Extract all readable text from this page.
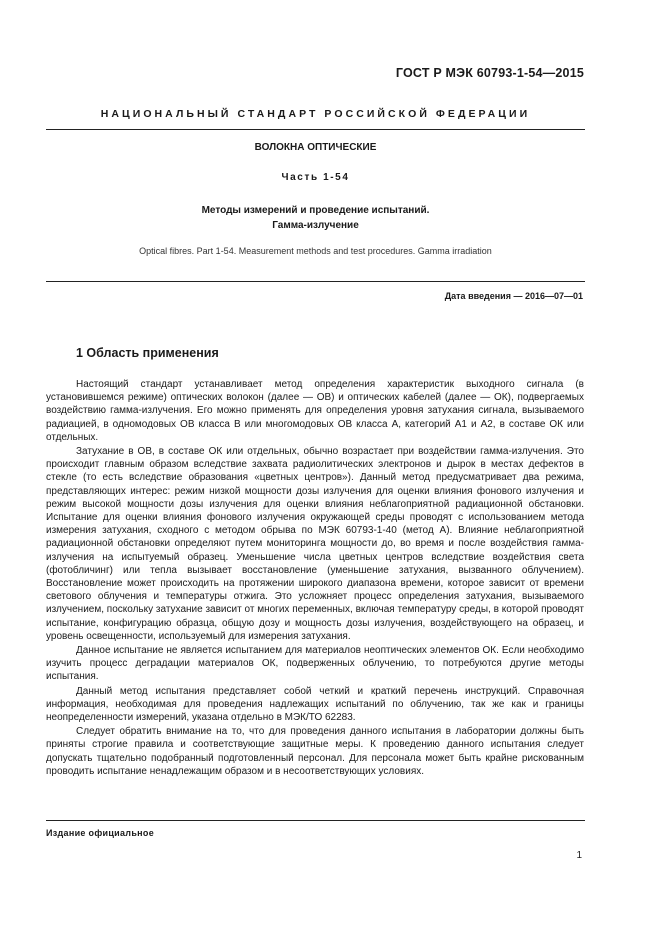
ГОСТ Р МЭК 60793-1-54—2015
НАЦИОНАЛЬНЫЙ СТАНДАРТ РОССИЙСКОЙ ФЕДЕРАЦИИ
ВОЛОКНА ОПТИЧЕСКИЕ
Часть 1-54
Методы измерений и проведение испытаний.
Гамма-излучение
Optical fibres. Part 1-54. Measurement methods and test procedures. Gamma irradiation
Дата введения — 2016—07—01
1 Область применения

Настоящий стандарт устанавливает метод определения характеристик выходного сигнала (в установившемся режиме) оптических волокон (далее — ОВ) и оптических кабелей (далее — ОК), подвергаемых воздействию гамма-излучения. Его можно применять для определения уровня затухания сигнала, вызываемого радиацией, в одномодовых ОВ класса В или многомодовых ОВ класса А, категорий А1 и А2, в составе ОК или отдельных.

Затухание в ОВ, в составе ОК или отдельных, обычно возрастает при воздействии гамма-излучения. Это происходит главным образом вследствие захвата радиолитических электронов и дырок в местах дефектов в стекле (то есть вследствие образования «цветных центров»). Данный метод предусматривает два режима, представляющих интерес: режим низкой мощности дозы излучения для оценки влияния фонового излучения и режим высокой мощности дозы излучения для оценки влияния неблагоприятной радиационной обстановки. Испытание для оценки влияния фонового излучения окружающей среды проводят с использованием метода измерения затухания, сходного с методом обрыва по МЭК 60793-1-40 (метод А). Влияние неблагоприятной радиационной обстановки определяют путем мониторинга мощности до, во время и после воздействия гамма-излучения на испытуемый образец. Уменьшение числа цветных центров вследствие воздействия света (фотобличинг) или тепла вызывает восстановление (уменьшение затухания, вызванного облучением). Восстановление может происходить на протяжении широкого диапазона времени, которое зависит от времени светового облучения и температуры отжига. Это усложняет процесс определения затухания, вызываемого излучением, поскольку затухание зависит от многих переменных, включая температуру среды, в которой проводят испытание, конфигурацию образца, общую дозу и мощность дозы излучения, воздействующего на образец, и уровень освещенности, используемый для измерения затухания.

Данное испытание не является испытанием для материалов неоптических элементов ОК. Если необходимо изучить процесс деградации материалов ОК, подверженных облучению, то потребуются другие методы испытания.

Данный метод испытания представляет собой четкий и краткий перечень инструкций. Справочная информация, необходимая для проведения надлежащих испытаний по облучению, так же как и границы неопределенности измерений, указана отдельно в МЭК/ТО 62283.

Следует обратить внимание на то, что для проведения данного испытания в лаборатории должны быть приняты строгие правила и соответствующие защитные меры. К проведению данного испытания следует допускать тщательно подобранный подготовленный персонал. Для персонала может быть крайне рискованным проводить испытание ненадлежащим образом и в несоответствующих условиях.

Издание официальное
1
